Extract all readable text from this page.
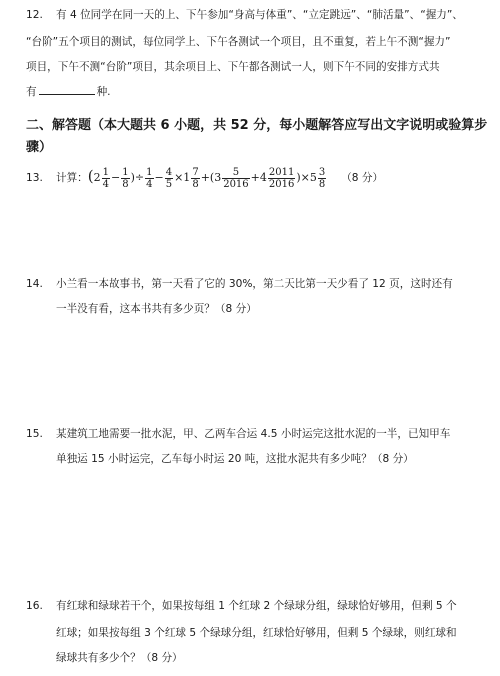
12. 有 4 位同学在同一天的上、下午参加“身高与体重”、“立定跳远”、“肺活量”、“握力”、
“台阶”五个项目的测试，每位同学上、下午各测试一个项目，且不重复，若上午不测“握力”
项目，下午不测“台阶”项目，其余项目上、下午都各测试一人，则下午不同的安排方式共
有	种.
二、解答题（本大题共 6 小题，共 52 分，每小题解答应写出文字说明或验算步
骤）
13. 计算：($2 \frac{1}{4} - \frac{1}{8}$ )÷ $\frac{1}{4} - \frac{4}{5} \times 1 \frac{7}{8} +(3 \frac{5}{2016} +4 \frac{2011}{2016} )\times 5 \frac{3}{8} (8$ 分）
14. 小兰看一本故事书，第一天看了它的 30%，第二天比第一天少看了 12 页，这时还有
一半没有看，这本书共有多少页？（8 分）
15. 某建筑工地需要一批水泥，甲、乙两车合运 4.5 小时运完这批水泥的一半，已知甲车
单独运 15 小时运完，乙车每小时运 20 吨，这批水泥共有多少吨？（8 分）
16. 有红球和绿球若干个，如果按每组 1 个红球 2 个绿球分组，绿球恰好够用，但剩 5 个
红球；如果按每组 3 个红球 5 个绿球分组，红球恰好够用，但剩 5 个绿球，则红球和
绿球共有多少个？（8 分）
